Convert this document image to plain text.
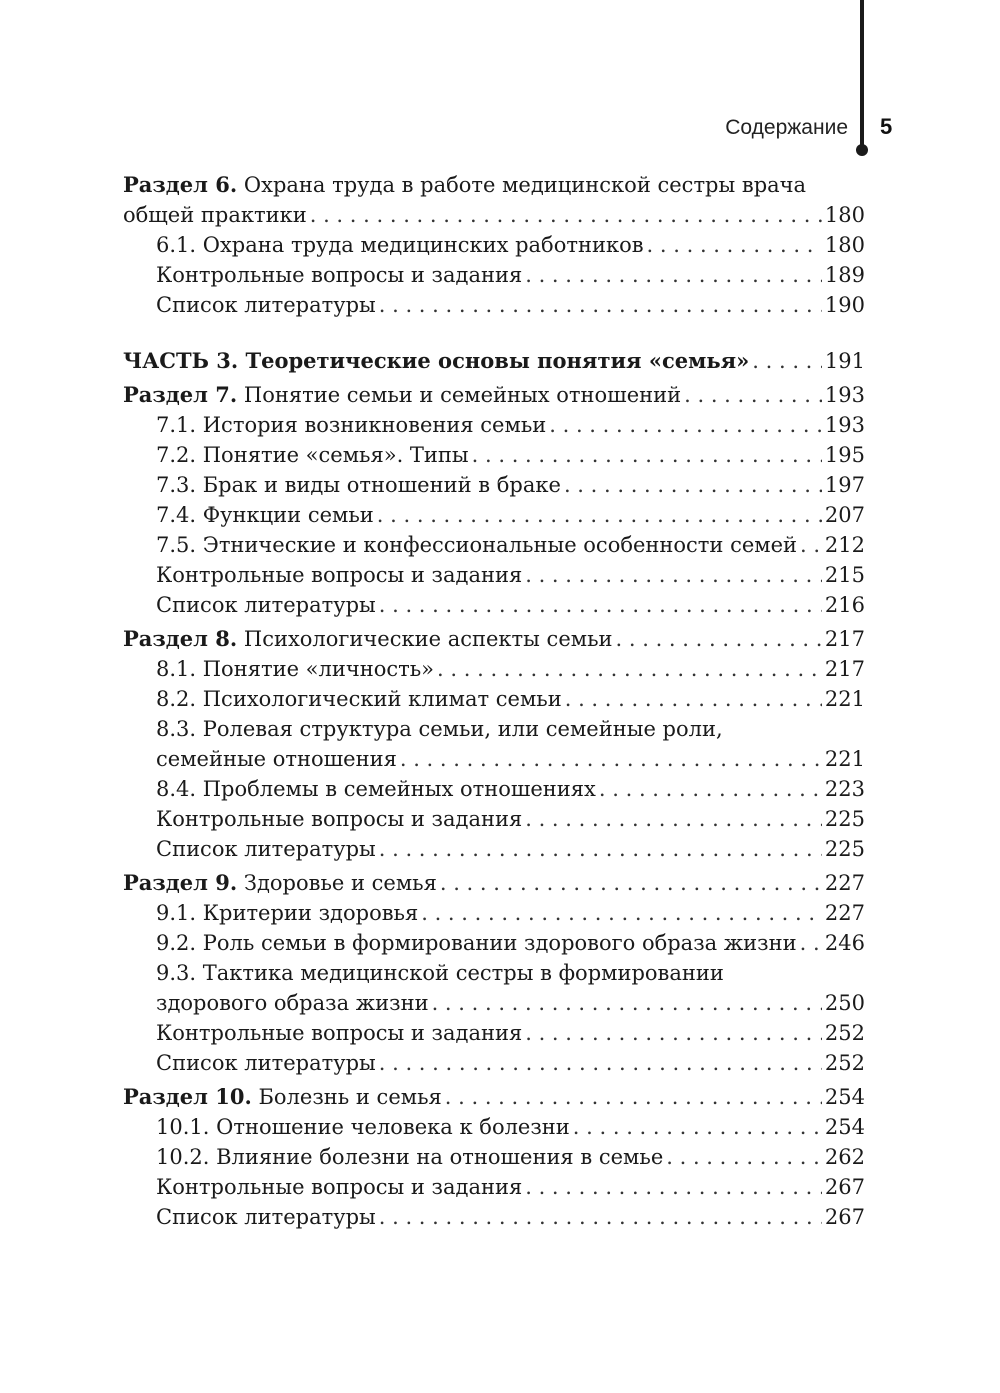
Содержание 5
Раздел 6. Охрана труда в работе медицинской сестры врача
общей практики . . .	180
6.1. Охрана труда медицинских работников . . .	180
Контрольные вопросы и задания . . .	189
Список литературы . . .	190
ЧАСТЬ 3. Теоретические основы понятия «семья» . . .	191
Раздел 7. Понятие семьи и семейных отношений . . .	193
7.1. История возникновения семьи . . .	193
7.2. Понятие «семья». Типы . . .	195
7.3. Брак и виды отношений в браке . . .	197
7.4. Функции семьи . . .	207
7.5. Этнические и конфессиональные особенности семей . . . 212
Контрольные вопросы и задания . . .	215
Список литературы . . .	216
Раздел 8. Психологические аспекты семьи . . .	217
8.1. Понятие «личность» . . .	217
8.2. Психологический климат семьи . . .	221
8.3. Ролевая структура семьи, или семейные роли,
семейные отношения . . .	221
8.4. Проблемы в семейных отношениях . . .	223
Контрольные вопросы и задания . . .	225
Список литературы . . .	225
Раздел 9. Здоровье и семья . . .	227
9.1. Критерии здоровья . . .	227
9.2. Роль семьи в формировании здорового образа жизни . . . 246
9.3. Тактика медицинской сестры в формировании
здорового образа жизни . . .	250
Контрольные вопросы и задания . . .	252
Список литературы . . .	252
Раздел 10. Болезнь и семья . . .	254
10.1. Отношение человека к болезни . . .	254
10.2. Влияние болезни на отношения в семье . . .	262
Контрольные вопросы и задания . . .	267
Список литературы . . .	267
